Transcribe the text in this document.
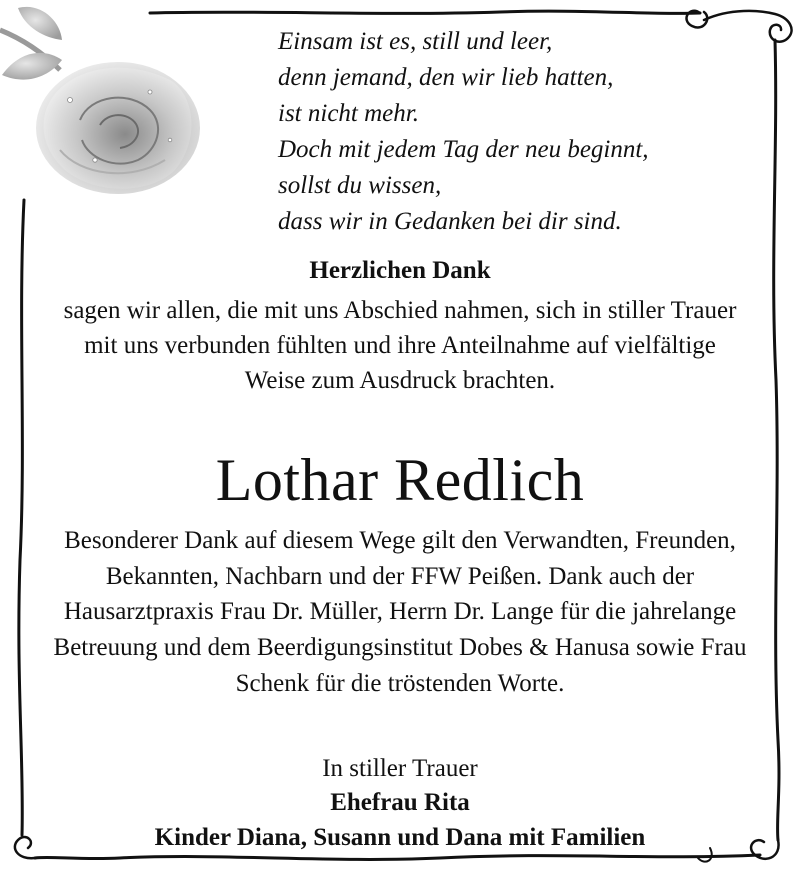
Einsam ist es, still und leer,
denn jemand, den wir lieb hatten,
ist nicht mehr.
Doch mit jedem Tag der neu beginnt,
sollst du wissen,
dass wir in Gedanken bei dir sind.
Herzlichen Dank
sagen wir allen, die mit uns Abschied nahmen, sich in stiller Trauer mit uns verbunden fühlten und ihre Anteilnahme auf vielfältige Weise zum Ausdruck brachten.
Lothar Redlich
Besonderer Dank auf diesem Wege gilt den Verwandten, Freunden, Bekannten, Nachbarn und der FFW Peißen. Dank auch der Hausarztpraxis Frau Dr. Müller, Herrn Dr. Lange für die jahrelange Betreuung und dem Beerdigungsinstitut Dobes & Hanusa sowie Frau Schenk für die tröstenden Worte.
In stiller Trauer
Ehefrau Rita
Kinder Diana, Susann und Dana mit Familien
